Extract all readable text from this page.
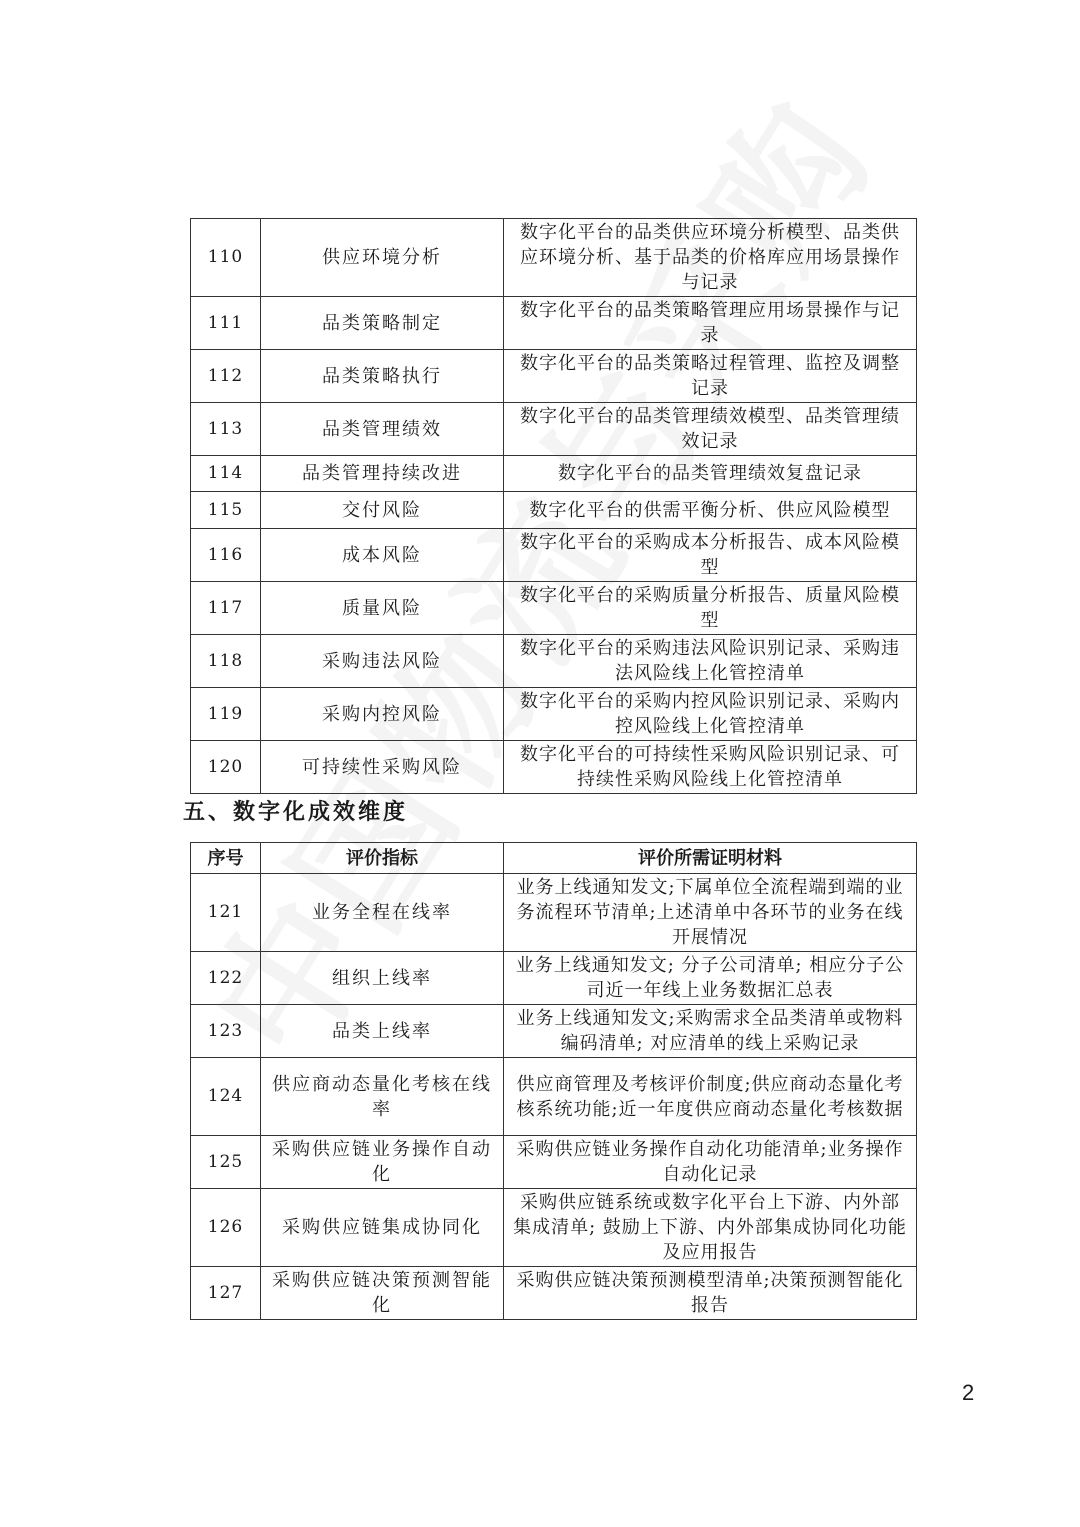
110	供应环境分析	数字化平台的品类供应环境分析模型、品类供应环境分析、基于品类的价格库应用场景操作与记录
111	品类策略制定	数字化平台的品类策略管理应用场景操作与记录
112	品类策略执行	数字化平台的品类策略过程管理、监控及调整记录
113	品类管理绩效	数字化平台的品类管理绩效模型、品类管理绩效记录
114	品类管理持续改进	数字化平台的品类管理绩效复盘记录
115	交付风险	数字化平台的供需平衡分析、供应风险模型
116	成本风险	数字化平台的采购成本分析报告、成本风险模型
117	质量风险	数字化平台的采购质量分析报告、质量风险模型
118	采购违法风险	数字化平台的采购违法风险识别记录、采购违法风险线上化管控清单
119	采购内控风险	数字化平台的采购内控风险识别记录、采购内控风险线上化管控清单
120	可持续性采购风险	数字化平台的可持续性采购风险识别记录、可持续性采购风险线上化管控清单
五、数字化成效维度
序号	评价指标	评价所需证明材料
121	业务全程在线率	业务上线通知发文;下属单位全流程端到端的业务流程环节清单;上述清单中各环节的业务在线开展情况
122	组织上线率	业务上线通知发文; 分子公司清单; 相应分子公司近一年线上业务数据汇总表
123	品类上线率	业务上线通知发文;采购需求全品类清单或物料编码清单; 对应清单的线上采购记录
124	供应商动态量化考核在线率	供应商管理及考核评价制度;供应商动态量化考核系统功能;近一年度供应商动态量化考核数据
125	采购供应链业务操作自动化	采购供应链业务操作自动化功能清单;业务操作自动化记录
126	采购供应链集成协同化	采购供应链系统或数字化平台上下游、内外部集成清单; 鼓励上下游、内外部集成协同化功能及应用报告
127	采购供应链决策预测智能化	采购供应链决策预测模型清单;决策预测智能化报告
2
